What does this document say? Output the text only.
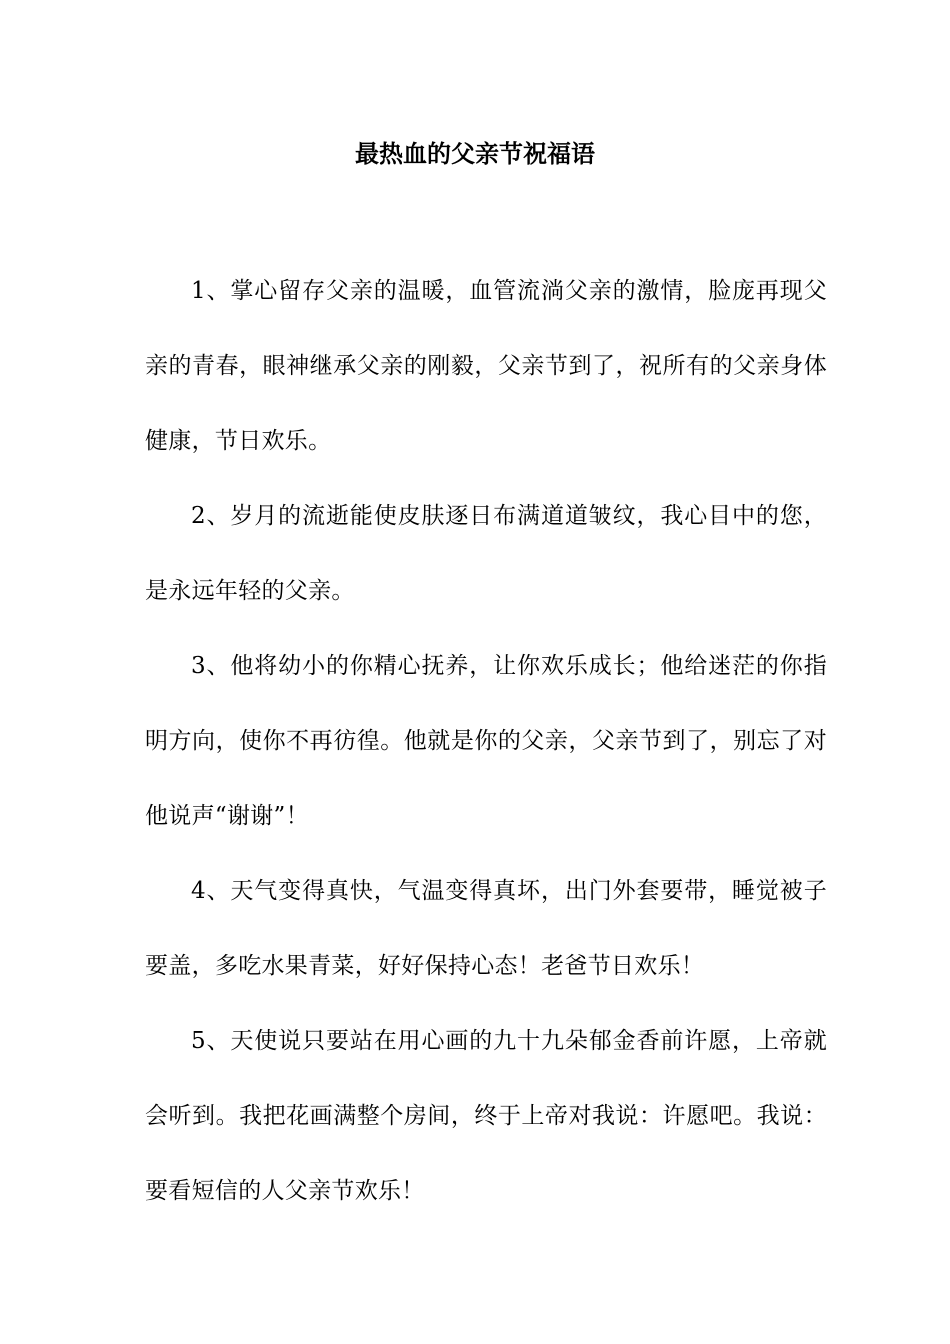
最热血的父亲节祝福语

1、掌心留存父亲的温暖，血管流淌父亲的激情，脸庞再现父亲的青春，眼神继承父亲的刚毅，父亲节到了，祝所有的父亲身体健康，节日欢乐。

2、岁月的流逝能使皮肤逐日布满道道皱纹，我心目中的您，是永远年轻的父亲。

3、他将幼小的你精心抚养，让你欢乐成长；他给迷茫的你指明方向，使你不再彷徨。他就是你的父亲，父亲节到了，别忘了对他说声“谢谢”！

4、天气变得真快，气温变得真坏，出门外套要带，睡觉被子要盖，多吃水果青菜，好好保持心态！老爸节日欢乐！

5、天使说只要站在用心画的九十九朵郁金香前许愿，上帝就会听到。我把花画满整个房间，终于上帝对我说：许愿吧。我说：要看短信的人父亲节欢乐！
